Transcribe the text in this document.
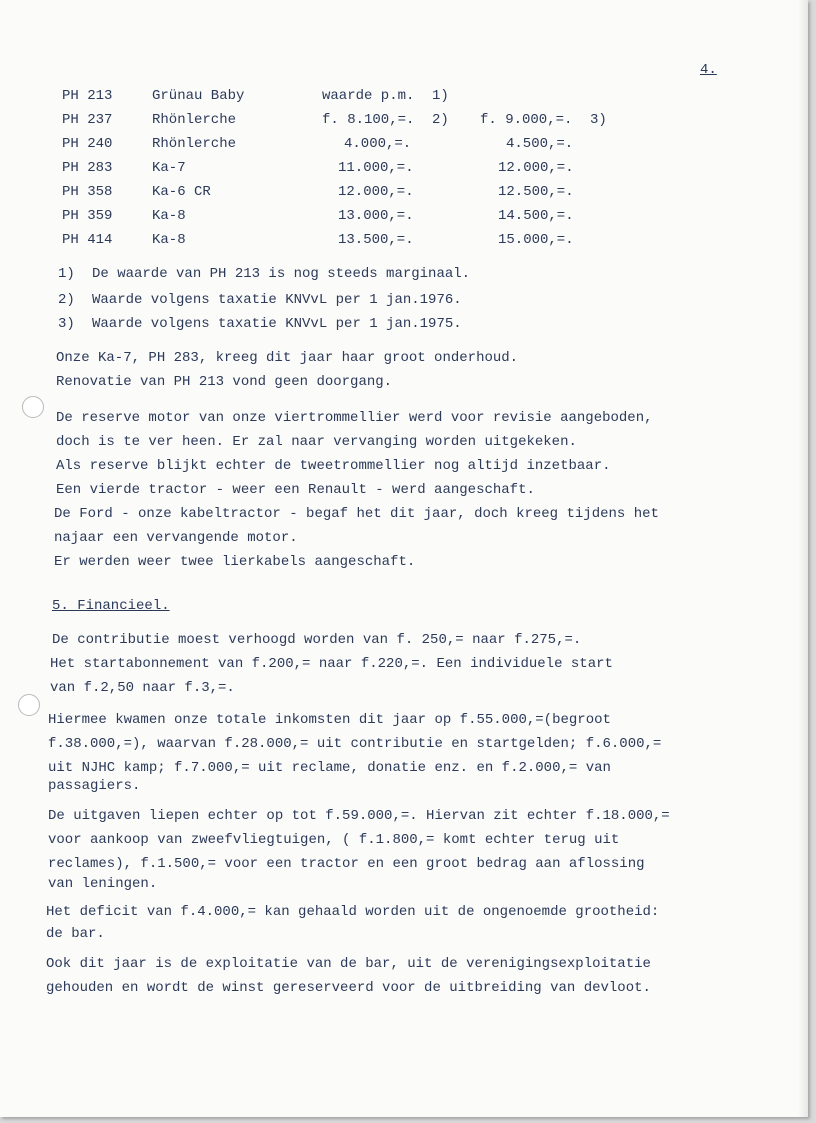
4.
PH 213	Grünau Baby	waarde p.m. 1)
PH 237	Rhönlerche	f. 8.100,=. 2) f. 9.000,=. 3)
PH 240	Rhönlerche	4.000,=.	4.500,=.
PH 283	Ka-7	11.000,=.	12.000,=.
PH 358	Ka-6 CR	12.000,=.	12.500,=.
PH 359	Ka-8	13.000,=.	14.500,=.
PH 414	Ka-8	13.500,=.	15.000,=.
1) De waarde van PH 213 is nog steeds marginaal.
2) Waarde volgens taxatie KNVvL per 1 jan.1976.
3) Waarde volgens taxatie KNVvL per 1 jan.1975.
Onze Ka-7, PH 283, kreeg dit jaar haar groot onderhoud.
Renovatie van PH 213 vond geen doorgang.
De reserve motor van onze viertrommellier werd voor revisie aangeboden,
doch is te ver heen. Er zal naar vervanging worden uitgekeken.
Als reserve blijkt echter de tweetrommellier nog altijd inzetbaar.
Een vierde tractor - weer een Renault - werd aangeschaft.
De Ford - onze kabeltractor - begaf het dit jaar, doch kreeg tijdens het
najaar een vervangende motor.
Er werden weer twee lierkabels aangeschaft.
5. Financieel.
De contributie moest verhoogd worden van f. 250,= naar f.275,=.
Het startabonnement van f.200,= naar f.220,=. Een individuele start
van f.2,50 naar f.3,=.
Hiermee kwamen onze totale inkomsten dit jaar op f.55.000,=(begroot
f.38.000,=), waarvan f.28.000,= uit contributie en startgelden; f.6.000,=
uit NJHC kamp; f.7.000,= uit reclame, donatie enz. en f.2.000,= van
passagiers.
De uitgaven liepen echter op tot f.59.000,=. Hiervan zit echter f.18.000,=
voor aankoop van zweefvliegtuigen, ( f.1.800,= komt echter terug uit
reclames), f.1.500,= voor een tractor en een groot bedrag aan aflossing
van leningen.
Het deficit van f.4.000,= kan gehaald worden uit de ongenoemde grootheid:
de bar.
Ook dit jaar is de exploitatie van de bar, uit de verenigingsexploitatie
gehouden en wordt de winst gereserveerd voor de uitbreiding van devloot.
